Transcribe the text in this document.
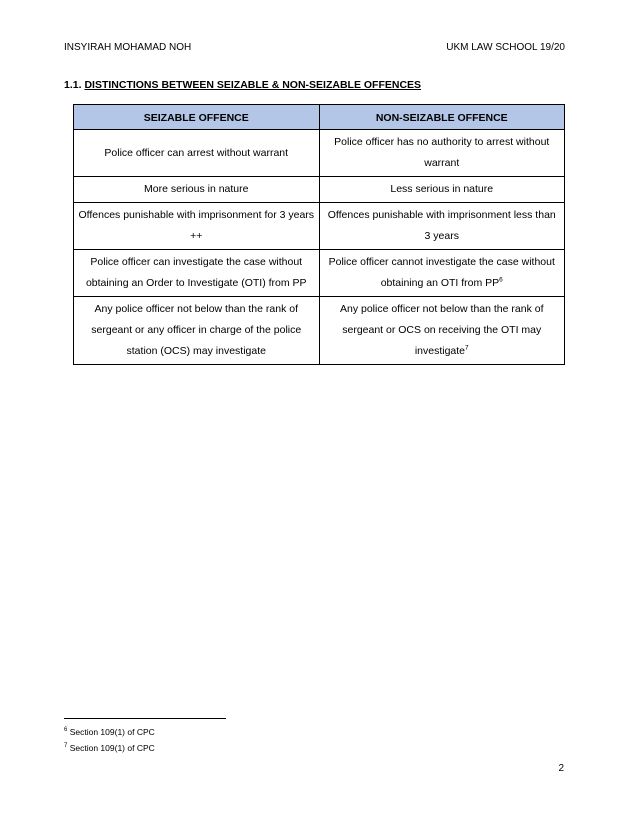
INSYIRAH MOHAMAD NOH	UKM LAW SCHOOL 19/20
1.1. DISTINCTIONS BETWEEN SEIZABLE & NON-SEIZABLE OFFENCES
SEIZABLE OFFENCE	NON-SEIZABLE OFFENCE
Police officer can arrest without warrant	Police officer has no authority to arrest without warrant
More serious in nature	Less serious in nature
Offences punishable with imprisonment for 3 years ++	Offences punishable with imprisonment less than 3 years
Police officer can investigate the case without obtaining an Order to Investigate (OTI) from PP	Police officer cannot investigate the case without obtaining an OTI from $PP^6$
Any police officer not below than the rank of sergeant or any officer in charge of the police station (OCS) may investigate	Any police officer not below than the rank of sergeant or OCS on receiving the OTI may investigate$^7$
$^6$ Section 109(1) of CPC
$^7$ Section 109(1) of CPC
2
